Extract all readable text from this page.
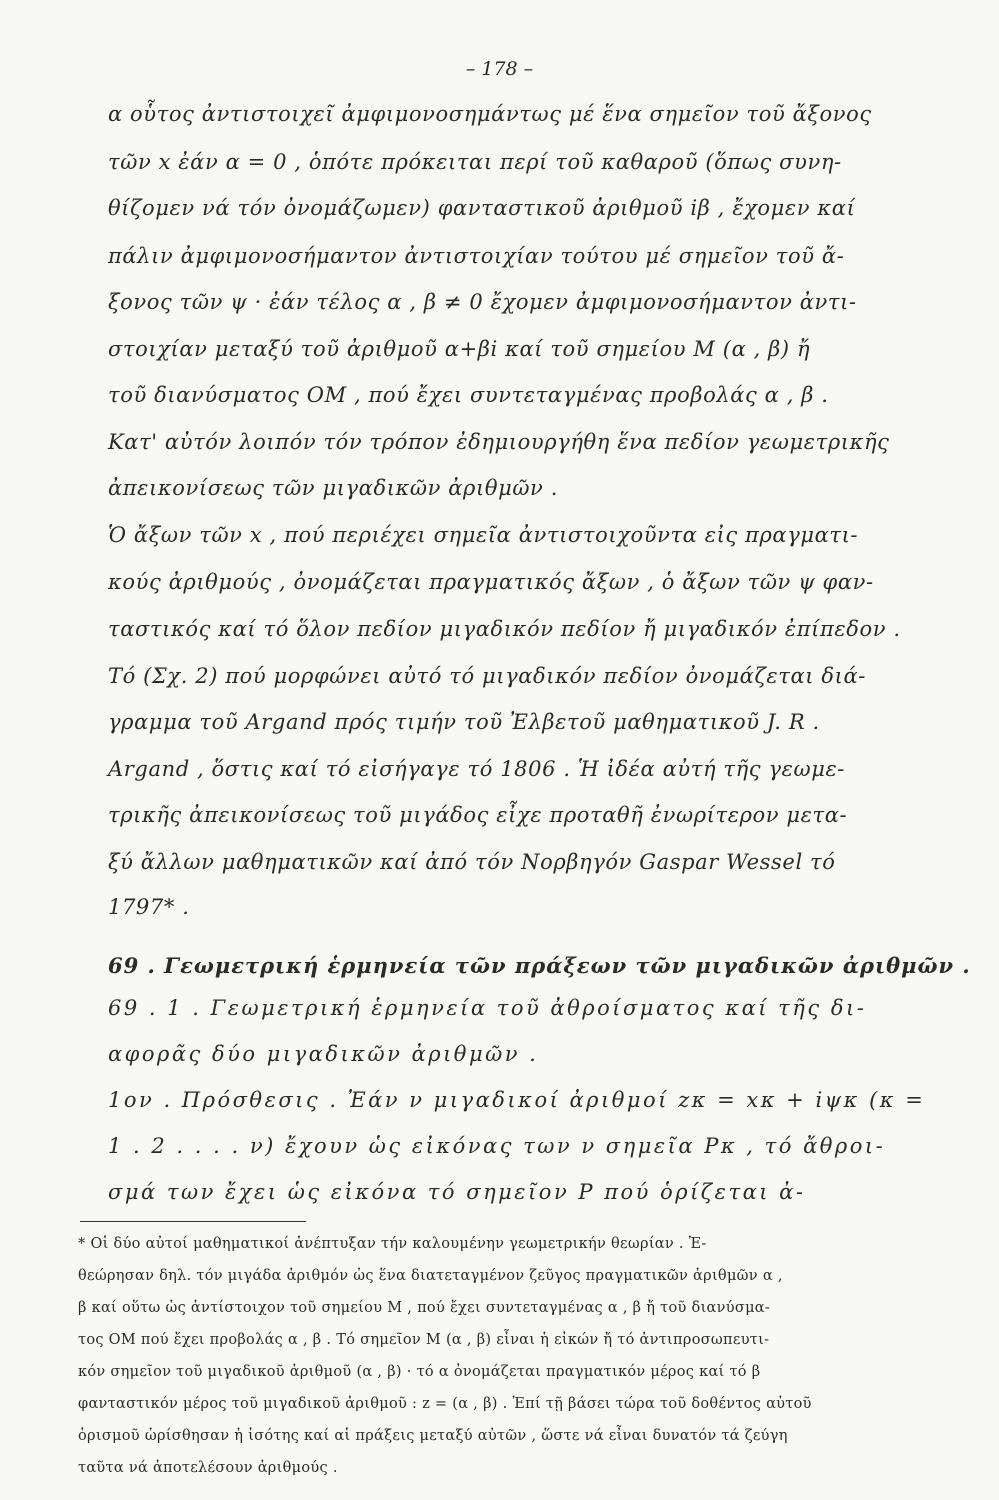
– 178 –
α οὗτος ἀντιστοιχεῖ ἀμφιμονοσημάντως μέ ἕνα σημεῖον τοῦ ἄξονος
τῶν x ἐάν α = 0 , ὁπότε πρόκειται περί τοῦ καθαροῦ (ὅπως συνη-
θίζομεν νά τόν ὀνομάζωμεν) φανταστικοῦ ἀριθμοῦ iβ , ἔχομεν καί
πάλιν ἀμφιμονοσήμαντον ἀντιστοιχίαν τούτου μέ σημεῖον τοῦ ἄ-
ξονος τῶν ψ · ἐάν τέλος α , β ≠ 0 ἔχομεν ἀμφιμονοσήμαντον ἀντι-
στοιχίαν μεταξύ τοῦ ἀριθμοῦ α+βi καί τοῦ σημείου Μ (α , β) ἤ
τοῦ διανύσματος OM , πού ἔχει συντεταγμένας προβολάς α , β .
Κατ' αὐτόν λοιπόν τόν τρόπον ἐδημιουργήθη ἕνα πεδίον γεωμετρικῆς
ἀπεικονίσεως τῶν μιγαδικῶν ἀριθμῶν .
Ὁ ἄξων τῶν x , πού περιέχει σημεῖα ἀντιστοιχοῦντα εἰς πραγματι-
κούς ἀριθμούς , ὀνομάζεται πραγματικός ἄξων , ὁ ἄξων τῶν ψ φαν-
ταστικός καί τό ὅλον πεδίον μιγαδικόν πεδίον ἤ μιγαδικόν ἐπίπεδον .
Τό (Σχ. 2) πού μορφώνει αὐτό τό μιγαδικόν πεδίον ὀνομάζεται διά-
γραμμα τοῦ Argand πρός τιμήν τοῦ Ἐλβετοῦ μαθηματικοῦ J. R .
Argand , ὅστις καί τό εἰσήγαγε τό 1806 . Ἡ ἰδέα αὐτή τῆς γεωμε-
τρικῆς ἀπεικονίσεως τοῦ μιγάδος εἶχε προταθῆ ἐνωρίτερον μετα-
ξύ ἄλλων μαθηματικῶν καί ἀπό τόν Νορβηγόν Gaspar Wessel τό
1797* .
69 . Γεωμετρική ἑρμηνεία τῶν πράξεων τῶν μιγαδικῶν ἀριθμῶν .
69 . 1 . Γεωμετρική ἑρμηνεία τοῦ ἀθροίσματος καί τῆς δι-
αφορᾶς δύο μιγαδικῶν ἀριθμῶν .
1ον . Πρόσθεσις . Ἐάν ν μιγαδικοί ἀριθμοί zκ = xκ + iψκ (κ =
1 . 2 . . . . ν) ἔχουν ὡς εἰκόνας των ν σημεῖα Pκ , τό ἄθροι-
σμά των ἔχει ὡς εἰκόνα τό σημεῖον P πού ὁρίζεται ἀ-
* Οἱ δύο αὐτοί μαθηματικοί ἀνέπτυξαν τήν καλουμένην γεωμετρικήν θεωρίαν . Ἐ-
θεώρησαν δηλ. τόν μιγάδα ἀριθμόν ὡς ἕνα διατεταγμένον ζεῦγος πραγματικῶν ἀριθμῶν α ,
β καί οὕτω ὡς ἀντίστοιχον τοῦ σημείου Μ , πού ἔχει συντεταγμένας α , β ἤ τοῦ διανύσμα-
τος OM πού ἔχει προβολάς α , β . Τό σημεῖον Μ (α , β) εἶναι ἡ εἰκών ἤ τό ἀντιπροσωπευτι-
κόν σημεῖον τοῦ μιγαδικοῦ ἀριθμοῦ (α , β) · τό α ὀνομάζεται πραγματικόν μέρος καί τό β
φανταστικόν μέρος τοῦ μιγαδικοῦ ἀριθμοῦ : z = (α , β) . Ἐπί τῇ βάσει τώρα τοῦ δοθέντος αὐτοῦ
ὁρισμοῦ ὡρίσθησαν ἡ ἰσότης καί αἱ πράξεις μεταξύ αὐτῶν , ὥστε νά εἶναι δυνατόν τά ζεύγη
ταῦτα νά ἀποτελέσουν ἀριθμούς .
